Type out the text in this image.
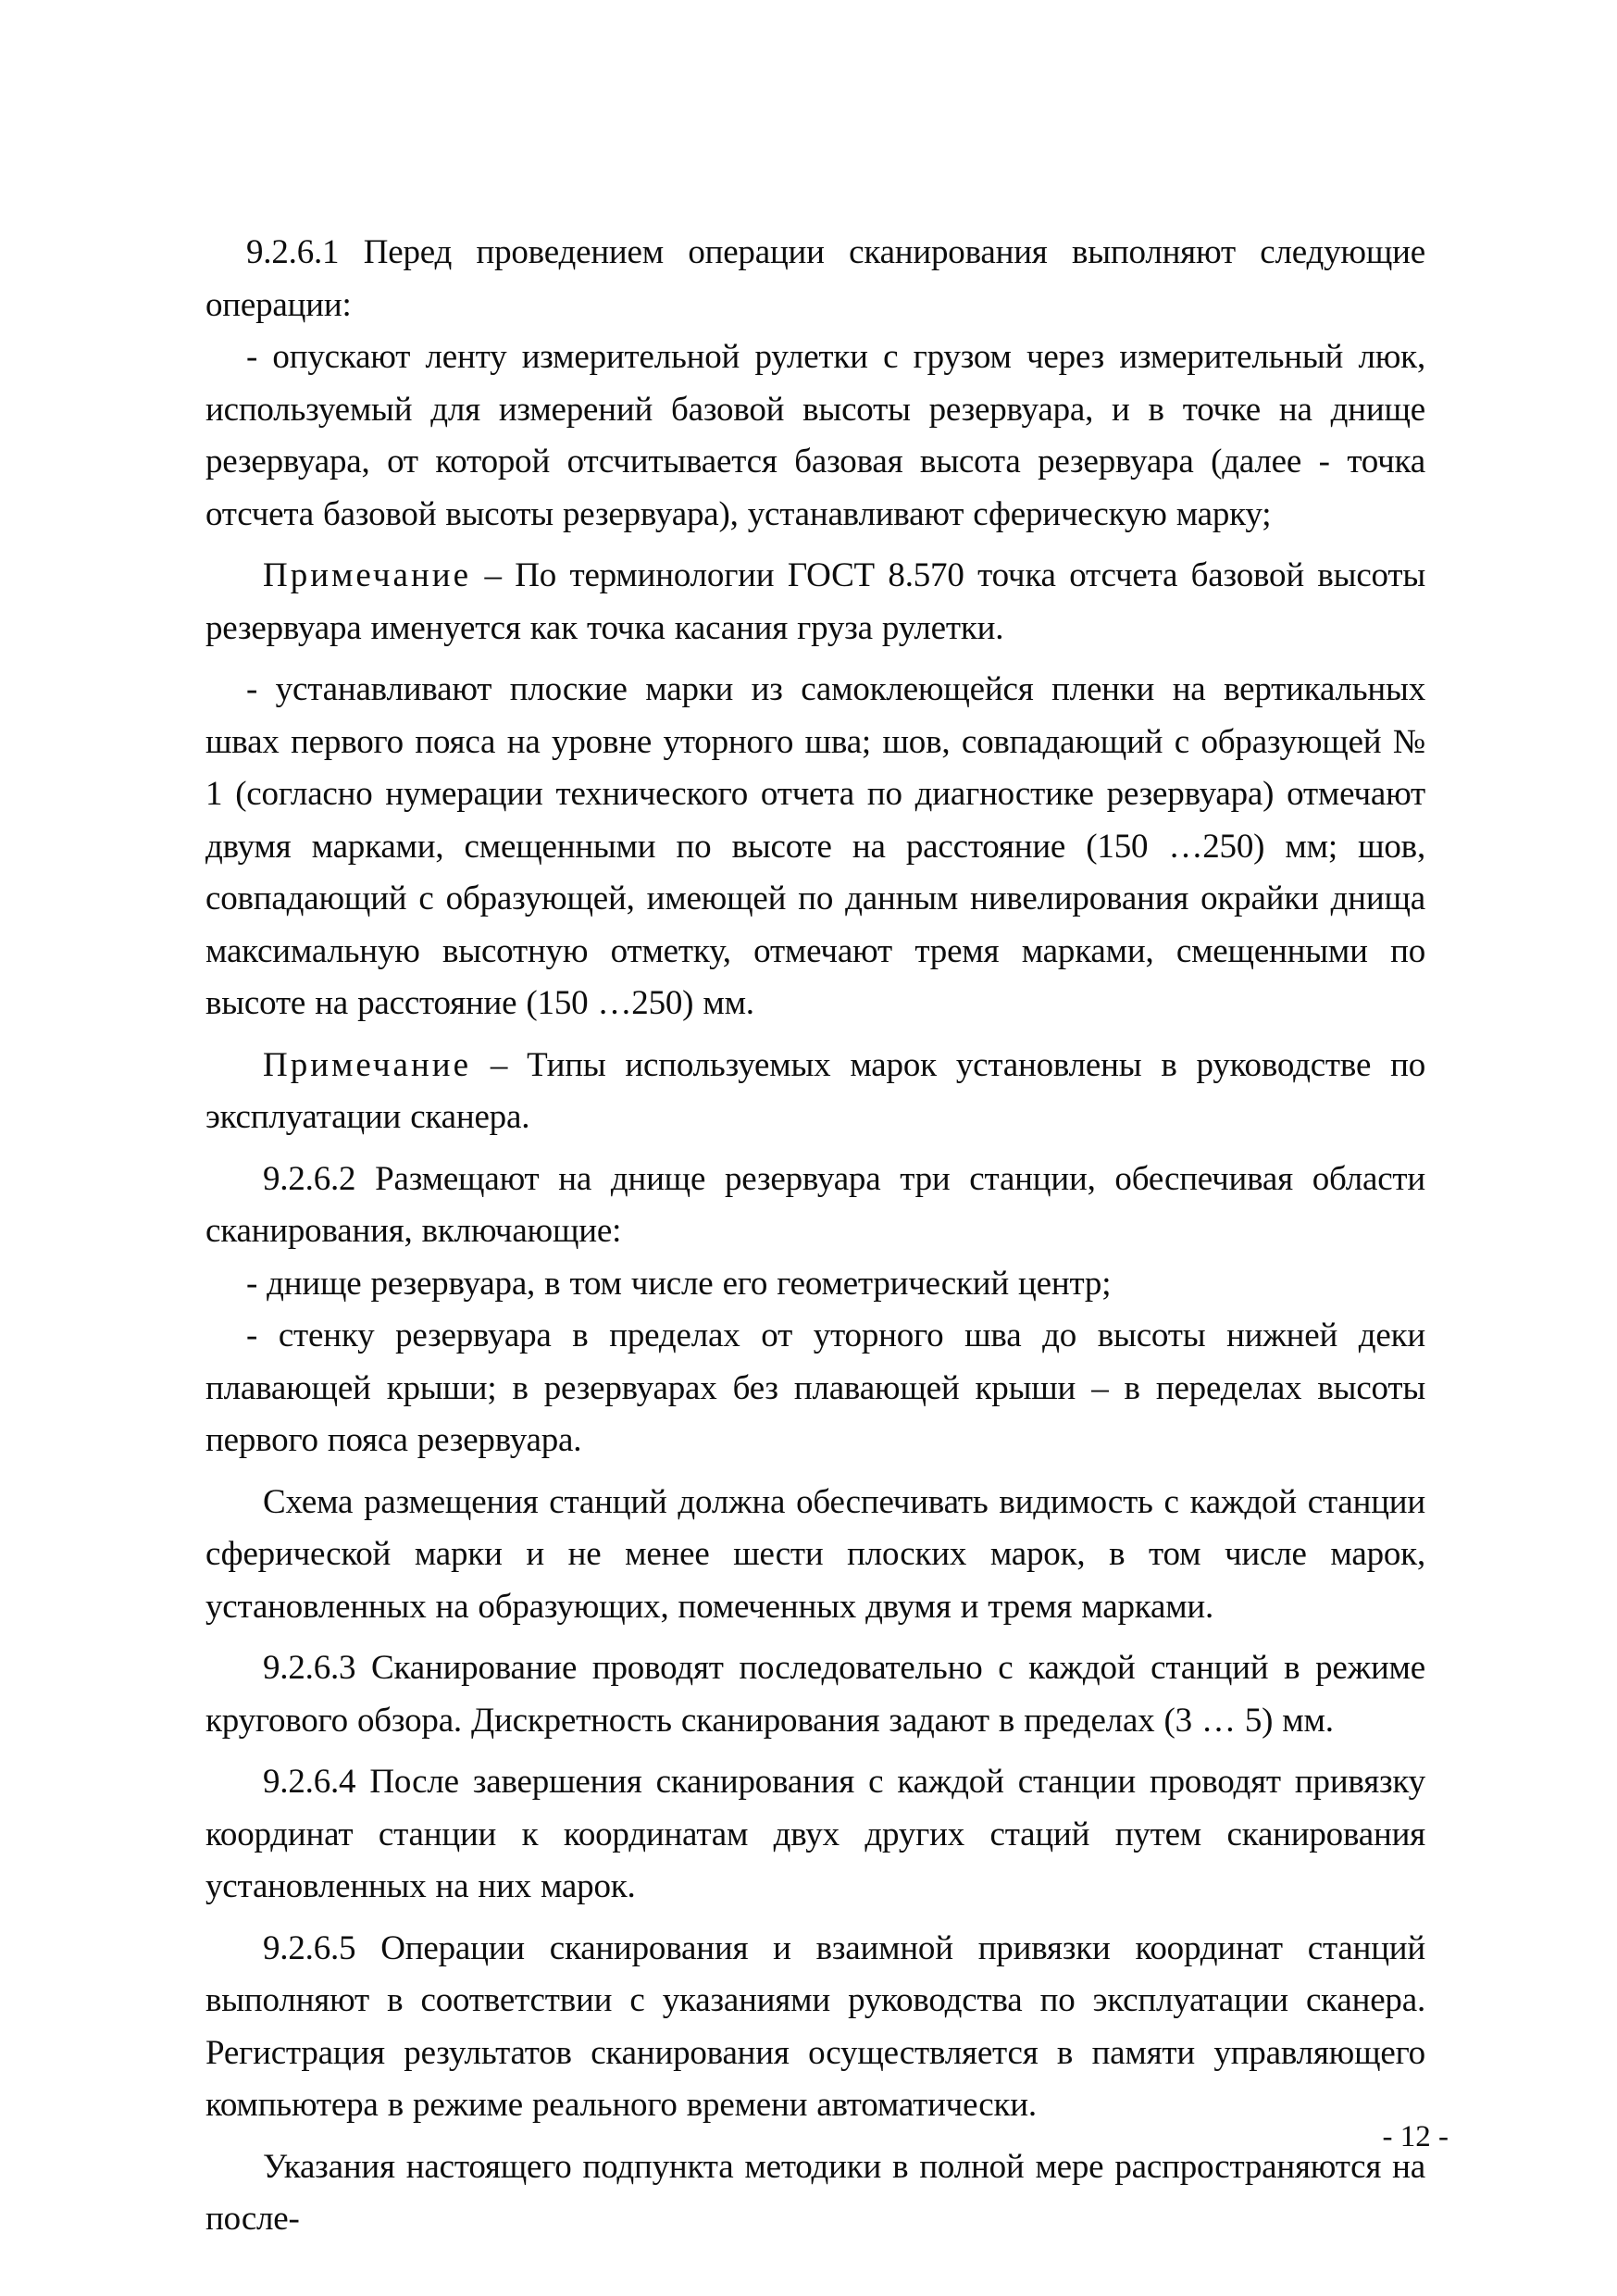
9.2.6.1 Перед проведением операции сканирования выполняют следующие операции:

- опускают ленту измерительной рулетки с грузом через измерительный люк, используемый для измерений базовой высоты резервуара, и в точке на днище резервуара, от которой отсчитывается базовая высота резервуара (далее - точка отсчета базовой высоты резервуара), устанавливают сферическую марку;

Примечание – По терминологии ГОСТ 8.570 точка отсчета базовой высоты резервуара именуется как точка касания груза рулетки.

- устанавливают плоские марки из самоклеющейся пленки на вертикальных швах первого пояса на уровне уторного шва; шов, совпадающий с образующей № 1 (согласно нумерации технического отчета по диагностике резервуара) отмечают двумя марками, смещенными по высоте на расстояние (150 …250) мм; шов, совпадающий с образующей, имеющей по данным нивелирования окрайки днища максимальную высотную отметку, отмечают тремя марками, смещенными по высоте на расстояние (150 …250) мм.

Примечание – Типы используемых марок установлены в руководстве по эксплуатации сканера.

9.2.6.2 Размещают на днище резервуара три станции, обеспечивая области сканирования, включающие:

- днище резервуара, в том числе его геометрический центр;

- стенку резервуара в пределах от уторного шва до высоты нижней деки плавающей крыши; в резервуарах без плавающей крыши – в переделах высоты первого пояса резервуара.

Схема размещения станций должна обеспечивать видимость с каждой станции сферической марки и не менее шести плоских марок, в том числе марок, установленных на образующих, помеченных двумя и тремя марками.

9.2.6.3 Сканирование проводят последовательно с каждой станций в режиме кругового обзора. Дискретность сканирования задают в пределах (3 … 5) мм.

9.2.6.4 После завершения сканирования с каждой станции проводят привязку координат станции к координатам двух других стаций путем сканирования установленных на них марок.

9.2.6.5 Операции сканирования и взаимной привязки координат станций выполняют в соответствии с указаниями руководства по эксплуатации сканера. Регистрация результатов сканирования осуществляется в памяти управляющего компьютера в режиме реального времени автоматически.

Указания настоящего подпункта методики в полной мере распространяются на после-

- 12 -
